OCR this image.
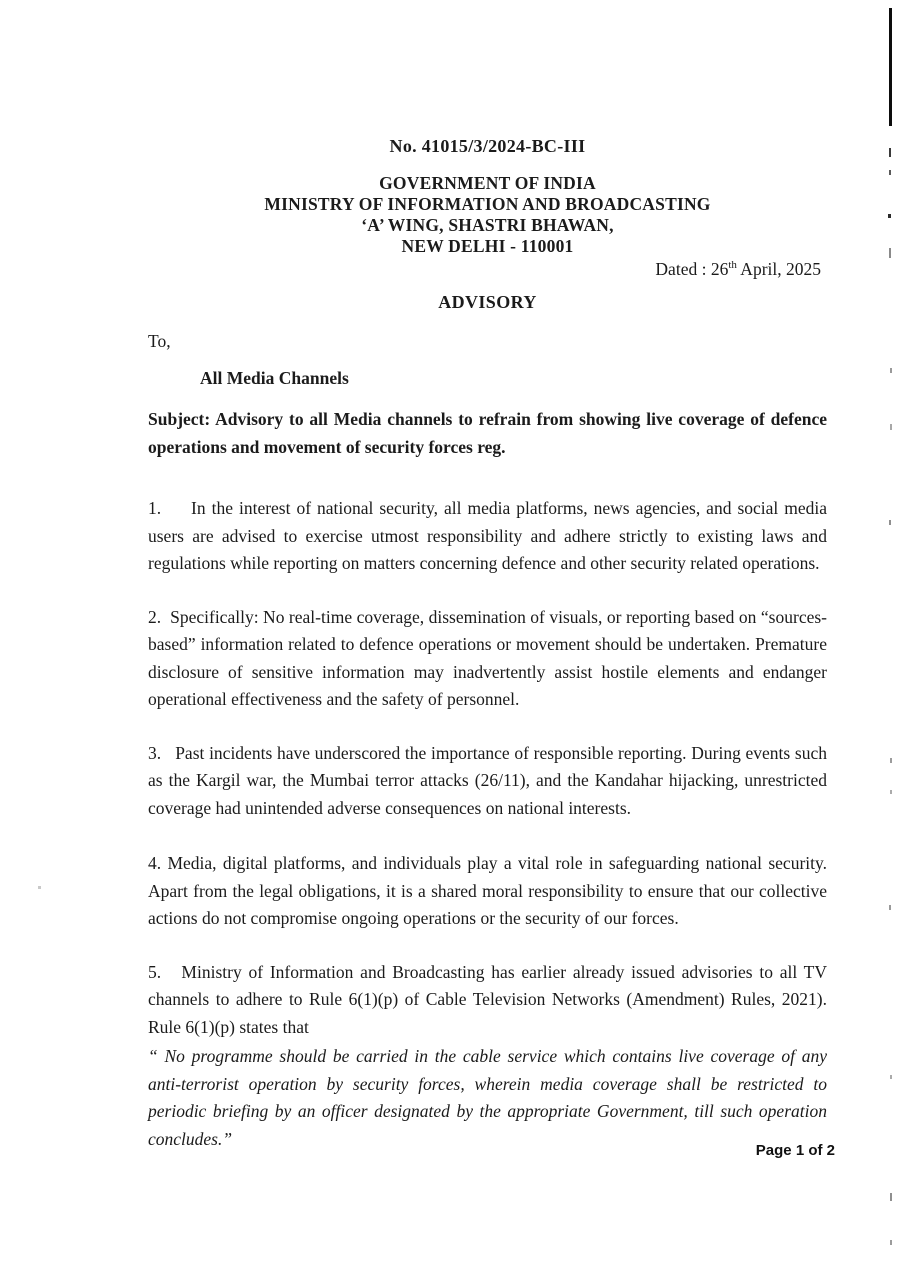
No. 41015/3/2024-BC-III
GOVERNMENT OF INDIA
MINISTRY OF INFORMATION AND BROADCASTING
‘A’ WING, SHASTRI BHAWAN,
NEW DELHI - 110001
Dated : 26th April, 2025
ADVISORY
To,
All Media Channels
Subject: Advisory to all Media channels to refrain from showing live coverage of defence operations and movement of security forces reg.
1.     In the interest of national security, all media platforms, news agencies, and social media users are advised to exercise utmost responsibility and adhere strictly to existing laws and regulations while reporting on matters concerning defence and other security related operations.
2.  Specifically: No real-time coverage, dissemination of visuals, or reporting based on “sources-based” information related to defence operations or movement should be undertaken. Premature disclosure of sensitive information may inadvertently assist hostile elements and endanger operational effectiveness and the safety of personnel.
3.   Past incidents have underscored the importance of responsible reporting. During events such as the Kargil war, the Mumbai terror attacks (26/11), and the Kandahar hijacking, unrestricted coverage had unintended adverse consequences on national interests.
4. Media, digital platforms, and individuals play a vital role in safeguarding national security. Apart from the legal obligations, it is a shared moral responsibility to ensure that our collective actions do not compromise ongoing operations or the security of our forces.
5.   Ministry of Information and Broadcasting has earlier already issued advisories to all TV channels to adhere to Rule 6(1)(p) of Cable Television Networks (Amendment) Rules, 2021). Rule 6(1)(p) states that
“ No programme should be carried in the cable service which contains live coverage of any anti-terrorist operation by security forces, wherein media coverage shall be restricted to periodic briefing by an officer designated by the appropriate Government, till such operation concludes.”
Page 1 of 2
